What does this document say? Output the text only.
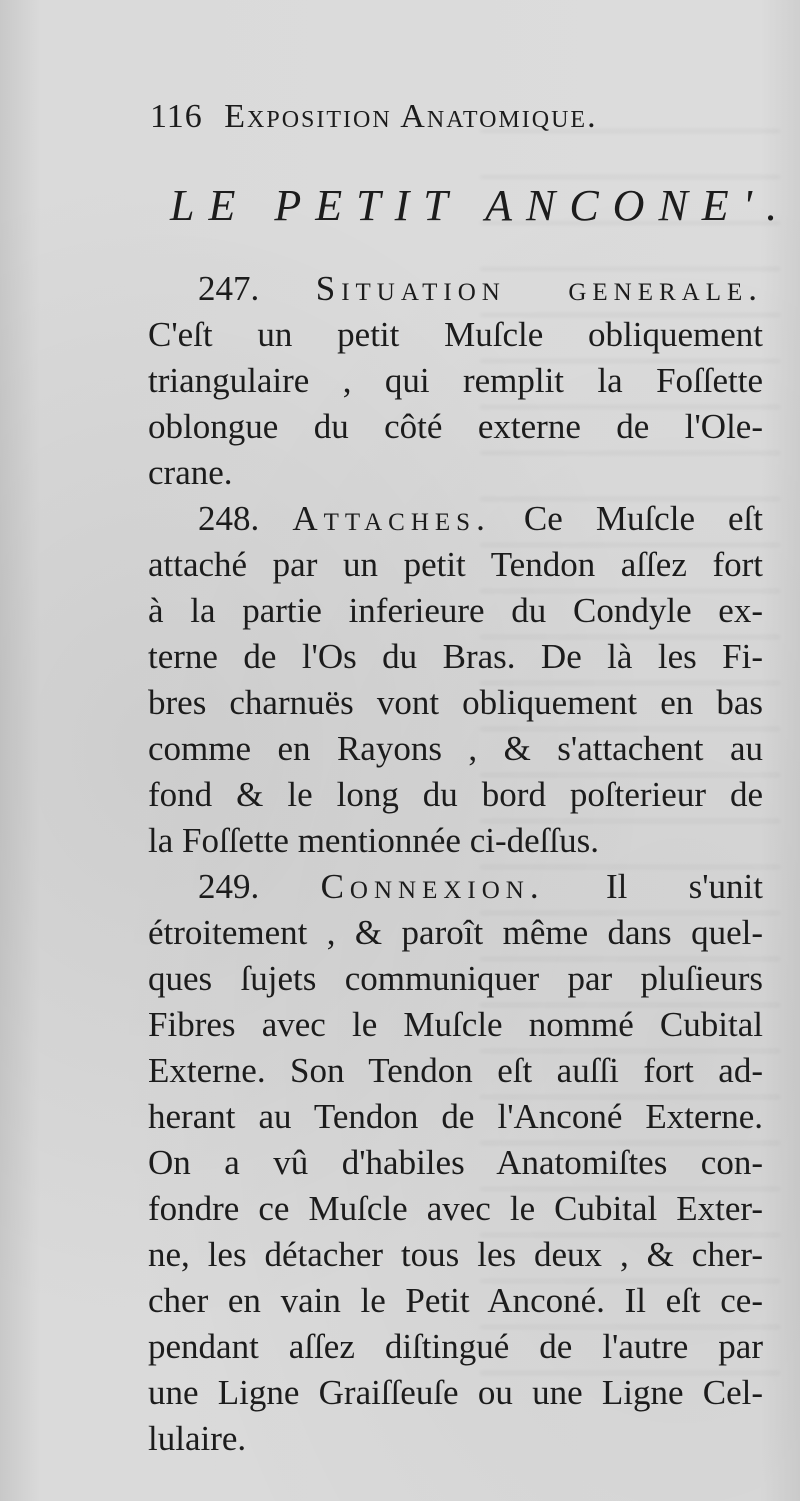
116 Exposition Anatomique.
LE PETIT ANCONE'.
247. Situation generale.
C'eſt un petit Muſcle obliquement
triangulaire , qui remplit la Foſſette
oblongue du côté externe de l'Ole-
crane.
248. Attaches. Ce Muſcle eſt
attaché par un petit Tendon aſſez fort
à la partie inferieure du Condyle ex-
terne de l'Os du Bras. De là les Fi-
bres charnuës vont obliquement en bas
comme en Rayons , & s'attachent au
fond & le long du bord poſterieur de
la Foſſette mentionnée ci-deſſus.
249. Connexion. Il s'unit
étroitement , & paroît même dans quel-
ques ſujets communiquer par pluſieurs
Fibres avec le Muſcle nommé Cubital
Externe. Son Tendon eſt auſſi fort ad-
herant au Tendon de l'Anconé Externe.
On a vû d'habiles Anatomiſtes con-
fondre ce Muſcle avec le Cubital Exter-
ne, les détacher tous les deux , & cher-
cher en vain le Petit Anconé. Il eſt ce-
pendant aſſez diſtingué de l'autre par
une Ligne Graiſſeuſe ou une Ligne Cel-
lulaire.
